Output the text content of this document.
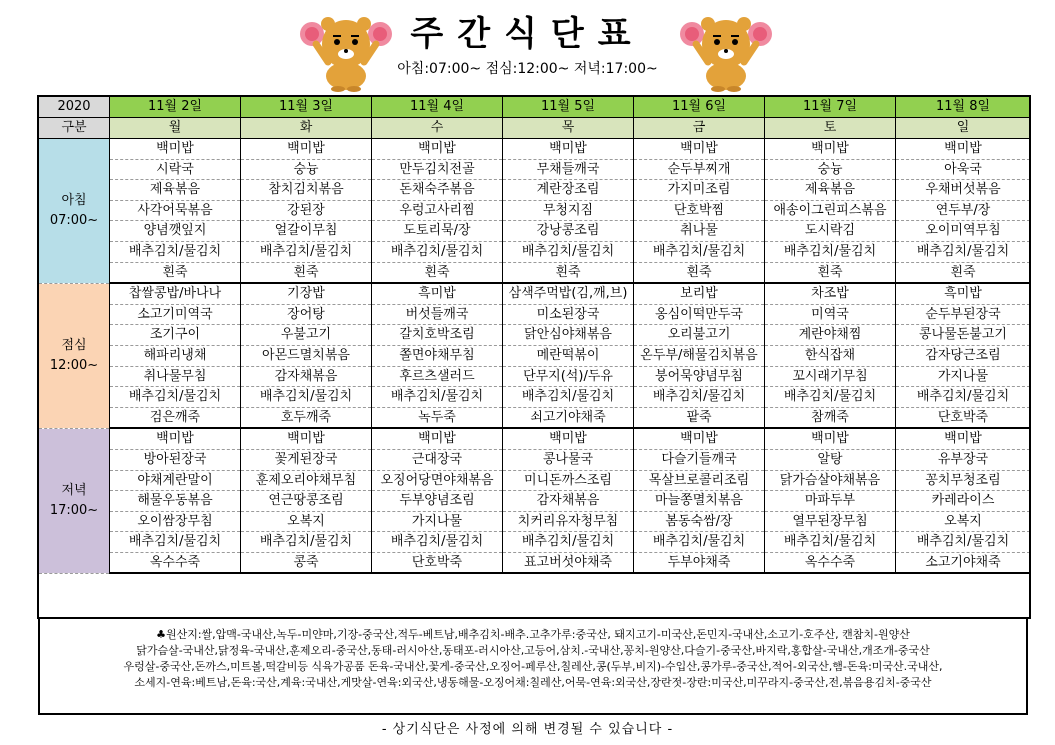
주간식단표
아침:07:00~ 점심:12:00~ 저녁:17:00~
2020	11월 2일	11월 3일	11월 4일	11월 5일	11월 6일	11월 7일	11월 8일
구분	월	화	수	목	금	토	일

아침
07:00~	백미밥	백미밥	백미밥	백미밥	백미밥	백미밥	백미밥
	시락국	숭늉	만두김치전골	무채들깨국	순두부찌개	숭늉	아욱국
	제육볶음	참치김치볶음	돈채숙주볶음	계란장조림	가지미조림	제육볶음	우채버섯볶음
	사각어묵볶음	강된장	우렁고사리찜	무청지짐	단호박찜	애송이그린피스볶음	연두부/장
	양념깻잎지	얼갈이무침	도토리묵/장	강낭콩조림	취나물	도시락김	오이미역무침
	배추김치/물김치	배추김치/물김치	배추김치/물김치	배추김치/물김치	배추김치/물김치	배추김치/물김치	배추김치/물김치
	흰죽	흰죽	흰죽	흰죽	흰죽	흰죽	흰죽

점심
12:00~	찹쌀콩밥/바나나	기장밥	흑미밥	삼색주먹밥(김,깨,브)	보리밥	차조밥	흑미밥
	소고기미역국	장어탕	버섯들깨국	미소된장국	옹심이떡만두국	미역국	순두부된장국
	조기구이	우불고기	갈치호박조림	닭안심야채볶음	오리불고기	계란야채찜	콩나물돈불고기
	해파리냉채	아몬드멸치볶음	쫄면야채무침	메란떡볶이	온두부/해물김치볶음	한식잡채	감자당근조림
	취나물무침	감자채볶음	후르츠샐러드	단무지(석)/두유	붕어묵양념무침	꼬시래기무침	가지나물
	배추김치/물김치	배추김치/물김치	배추김치/물김치	배추김치/물김치	배추김치/물김치	배추김치/물김치	배추김치/물김치
	검은깨죽	호두깨죽	녹두죽	쇠고기야채죽	팥죽	참깨죽	단호박죽

저녁
17:00~	백미밥	백미밥	백미밥	백미밥	백미밥	백미밥	백미밥
	방아된장국	꽃게된장국	근대장국	콩나물국	다슬기들깨국	알탕	유부장국
	야채계란말이	훈제오리야채무침	오징어당면야채볶음	미니돈까스조림	목살브로콜리조림	닭가슴살야채볶음	꽁치무청조림
	해물우동볶음	연근땅콩조림	두부양념조림	감자채볶음	마늘쫑멸치볶음	마파두부	카레라이스
	오이쌈장무침	오복지	가지나물	치커리유자청무침	봄동숙쌈/장	열무된장무침	오복지
	배추김치/물김치	배추김치/물김치	배추김치/물김치	배추김치/물김치	배추김치/물김치	배추김치/물김치	배추김치/물김치
	옥수수죽	콩죽	단호박죽	표고버섯야채죽	두부야채죽	옥수수죽	소고기야채죽
♣원산지:쌀,압맥-국내산,녹두-미얀마,기장-중국산,적두-베트남,배추김치-배추.고추가루:중국산, 돼지고기-미국산,돈민지-국내산,소고기-호주산, 캔참치-원양산
닭가슴살-국내산,닭정육-국내산,훈제오리-중국산,동태-러시아산,동태포-러시아산,고등어,삼치.-국내산,꽁치-원양산,다슬기-중국산,바지락,홍합살-국내산,개조개-중국산
우렁살-중국산,돈까스,미트볼,떡갈비등 식육가공품 돈육-국내산,꽃게-중국산,오징어-페루산,칠레산,콩(두부,비지)-수입산,콩가루-중국산,적어-외국산,햄-돈육:미국산.국내산,
소세지-연육:베트남,돈육:국산,계육:국내산,게맛살-연육:외국산,냉동해물-오징어채:칠레산,어묵-연육:외국산,장란젓-장란:미국산,미꾸라지-중국산,전,볶음용김치-중국산
- 상기식단은 사정에 의해 변경될 수 있습니다 -
